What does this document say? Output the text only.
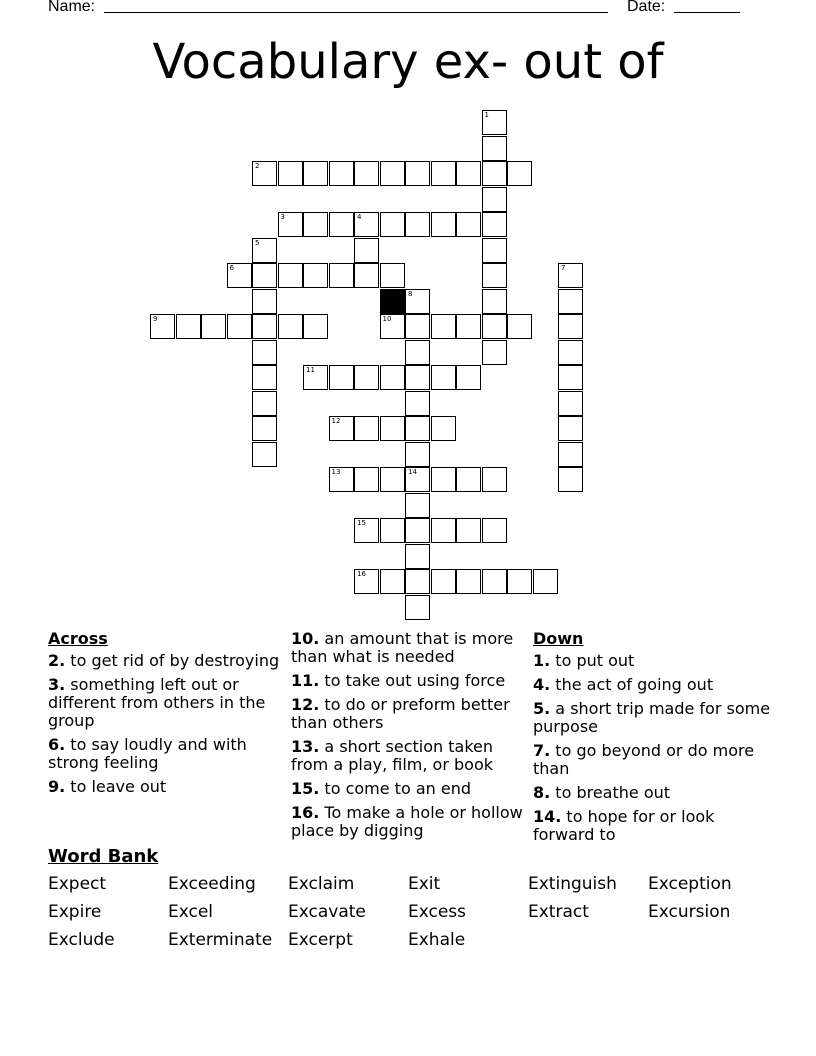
Name:	Date:
Vocabulary ex- out of
2
3	4
6
9	10
11
12
13	14
15
16
1
5
7
8
Across
2. to get rid of by destroying
3. something left out or different from others in the group
6. to say loudly and with strong feeling
9. to leave out
10. an amount that is more than what is needed
11. to take out using force
12. to do or preform better than others
13. a short section taken from a play, film, or book
15. to come to an end
16. To make a hole or hollow place by digging
Down
1. to put out
4. the act of going out
5. a short trip made for some purpose
7. to go beyond or do more than
8. to breathe out
14. to hope for or look forward to
Word Bank
Expect	Exceeding Exclaim	Exit	Extinguish Exception
Expire	Excel	Excavate Excess	Extract	Excursion
Exclude	Exterminate Excerpt	Exhale
